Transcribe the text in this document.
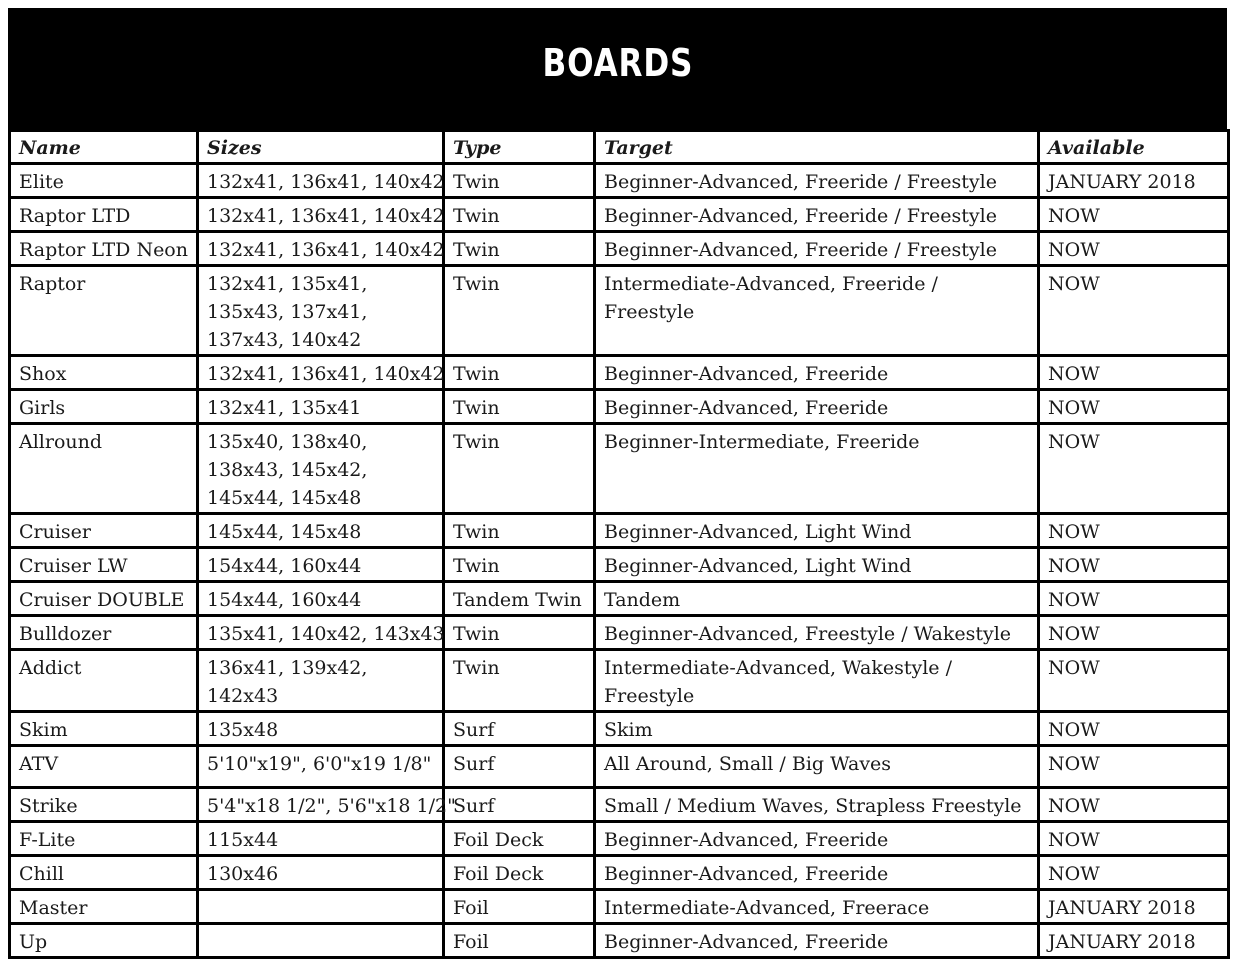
BOARDS
Name	Sizes	Type	Target	Available
Elite	132x41, 136x41, 140x42	Twin	Beginner-Advanced, Freeride / Freestyle	JANUARY 2018
Raptor LTD	132x41, 136x41, 140x42	Twin	Beginner-Advanced, Freeride / Freestyle	NOW
Raptor LTD Neon	132x41, 136x41, 140x42	Twin	Beginner-Advanced, Freeride / Freestyle	NOW
Raptor	132x41, 135x41, 135x43, 137x41, 137x43, 140x42	Twin	Intermediate-Advanced, Freeride / Freestyle	NOW
Shox	132x41, 136x41, 140x42	Twin	Beginner-Advanced, Freeride	NOW
Girls	132x41, 135x41	Twin	Beginner-Advanced, Freeride	NOW
Allround	135x40, 138x40, 138x43, 145x42, 145x44, 145x48	Twin	Beginner-Intermediate, Freeride	NOW
Cruiser	145x44, 145x48	Twin	Beginner-Advanced, Light Wind	NOW
Cruiser LW	154x44, 160x44	Twin	Beginner-Advanced, Light Wind	NOW
Cruiser DOUBLE	154x44, 160x44	Tandem Twin	Tandem	NOW
Bulldozer	135x41, 140x42, 143x43	Twin	Beginner-Advanced, Freestyle / Wakestyle	NOW
Addict	136x41, 139x42, 142x43	Twin	Intermediate-Advanced, Wakestyle / Freestyle	NOW
Skim	135x48	Surf	Skim	NOW
ATV	5'10"x19", 6'0"x19 1/8"	Surf	All Around, Small / Big Waves	NOW
Strike	5'4"x18 1/2", 5'6"x18 1/2"	Surf	Small / Medium Waves, Strapless Freestyle	NOW
F-Lite	115x44	Foil Deck	Beginner-Advanced, Freeride	NOW
Chill	130x46	Foil Deck	Beginner-Advanced, Freeride	NOW
Master		Foil	Intermediate-Advanced, Freerace	JANUARY 2018
Up		Foil	Beginner-Advanced, Freeride	JANUARY 2018
